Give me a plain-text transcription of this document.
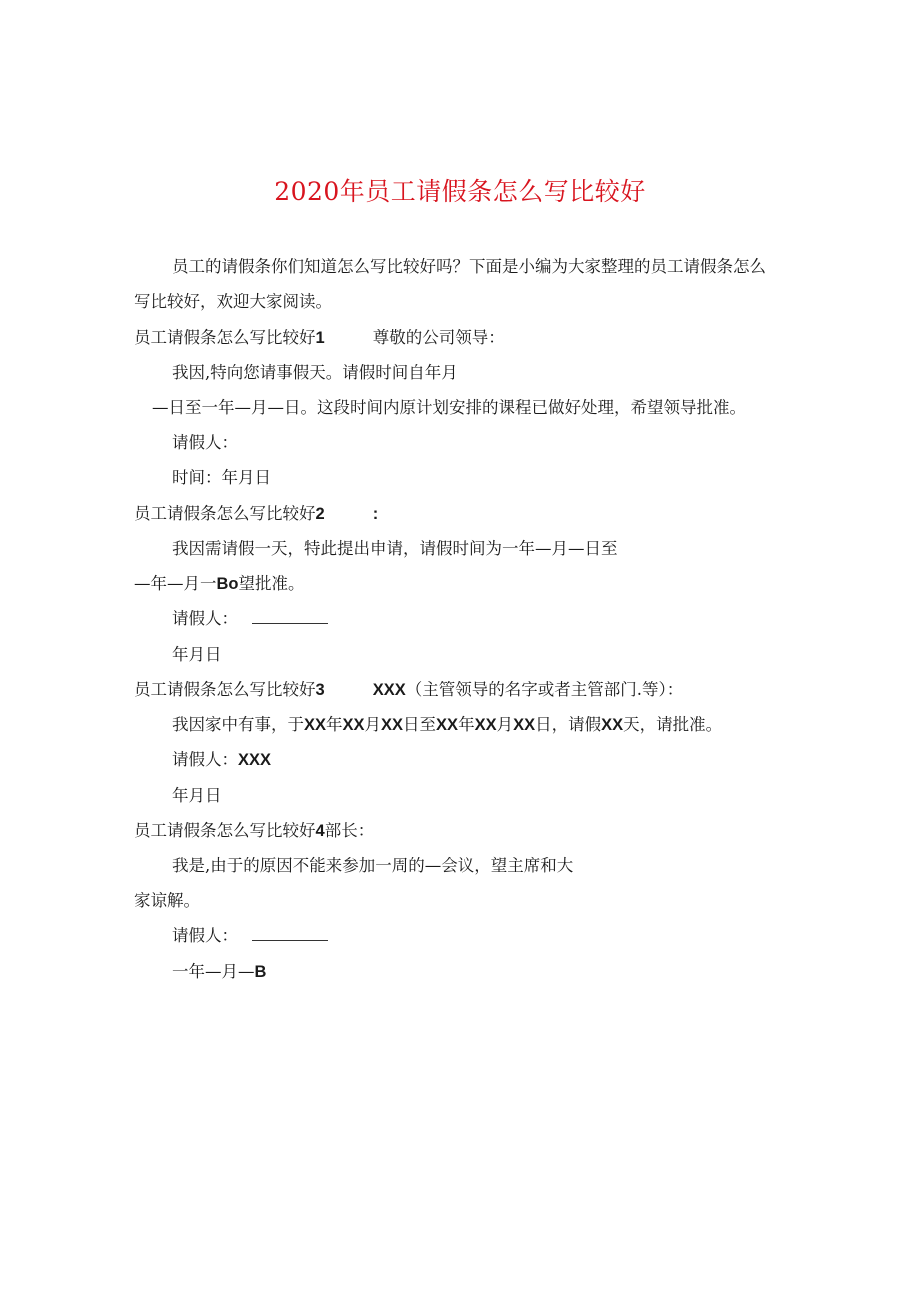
2020年员工请假条怎么写比较好
员工的请假条你们知道怎么写比较好吗？下面是小编为大家整理的员工请假条怎么
写比较好，欢迎大家阅读。
员工请假条怎么写比较好1	尊敬的公司领导：
我因,特向您请事假天。请假时间自年月
—日至一年—月—日。这段时间内原计划安排的课程已做好处理，希望领导批准。
请假人：
时间：年月日
员工请假条怎么写比较好2	:
我因需请假一天，特此提出申请，请假时间为一年—月—日至
—年—月一Bo望批准。
请假人：
年月日
员工请假条怎么写比较好3	XXX（主管领导的名字或者主管部门.等）：
我因家中有事，于XX年XX月XX日至XX年XX月XX日，请假XX天，请批准。
请假人：XXX
年月日
员工请假条怎么写比较好4部长：
我是,由于的原因不能来参加一周的—会议，望主席和大
家谅解。
请假人：
一年—月—B
